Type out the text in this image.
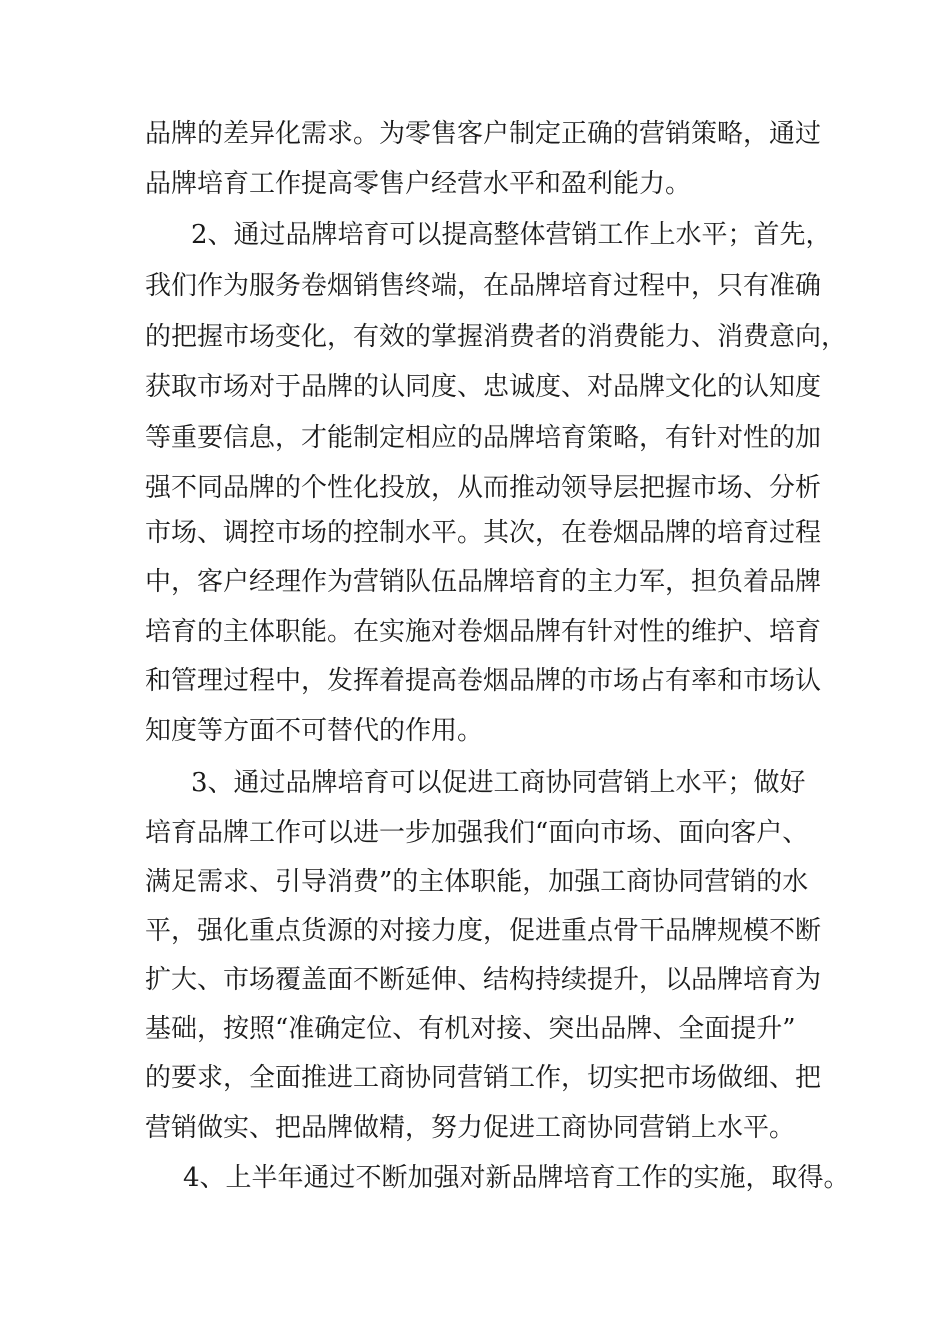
品牌的差异化需求。为零售客户制定正确的营销策略，通过
品牌培育工作提高零售户经营水平和盈利能力。
2、通过品牌培育可以提高整体营销工作上水平；首先，
我们作为服务卷烟销售终端，在品牌培育过程中，只有准确
的把握市场变化，有效的掌握消费者的消费能力、消费意向，
获取市场对于品牌的认同度、忠诚度、对品牌文化的认知度
等重要信息，才能制定相应的品牌培育策略，有针对性的加
强不同品牌的个性化投放，从而推动领导层把握市场、分析
市场、调控市场的控制水平。其次，在卷烟品牌的培育过程
中，客户经理作为营销队伍品牌培育的主力军，担负着品牌
培育的主体职能。在实施对卷烟品牌有针对性的维护、培育
和管理过程中，发挥着提高卷烟品牌的市场占有率和市场认
知度等方面不可替代的作用。
3、通过品牌培育可以促进工商协同营销上水平；做好
培育品牌工作可以进一步加强我们“面向市场、面向客户、
满足需求、引导消费”的主体职能，加强工商协同营销的水
平，强化重点货源的对接力度，促进重点骨干品牌规模不断
扩大、市场覆盖面不断延伸、结构持续提升，以品牌培育为
基础，按照“准确定位、有机对接、突出品牌、全面提升”
的要求，全面推进工商协同营销工作，切实把市场做细、把
营销做实、把品牌做精，努力促进工商协同营销上水平。
4、上半年通过不断加强对新品牌培育工作的实施，取得。
